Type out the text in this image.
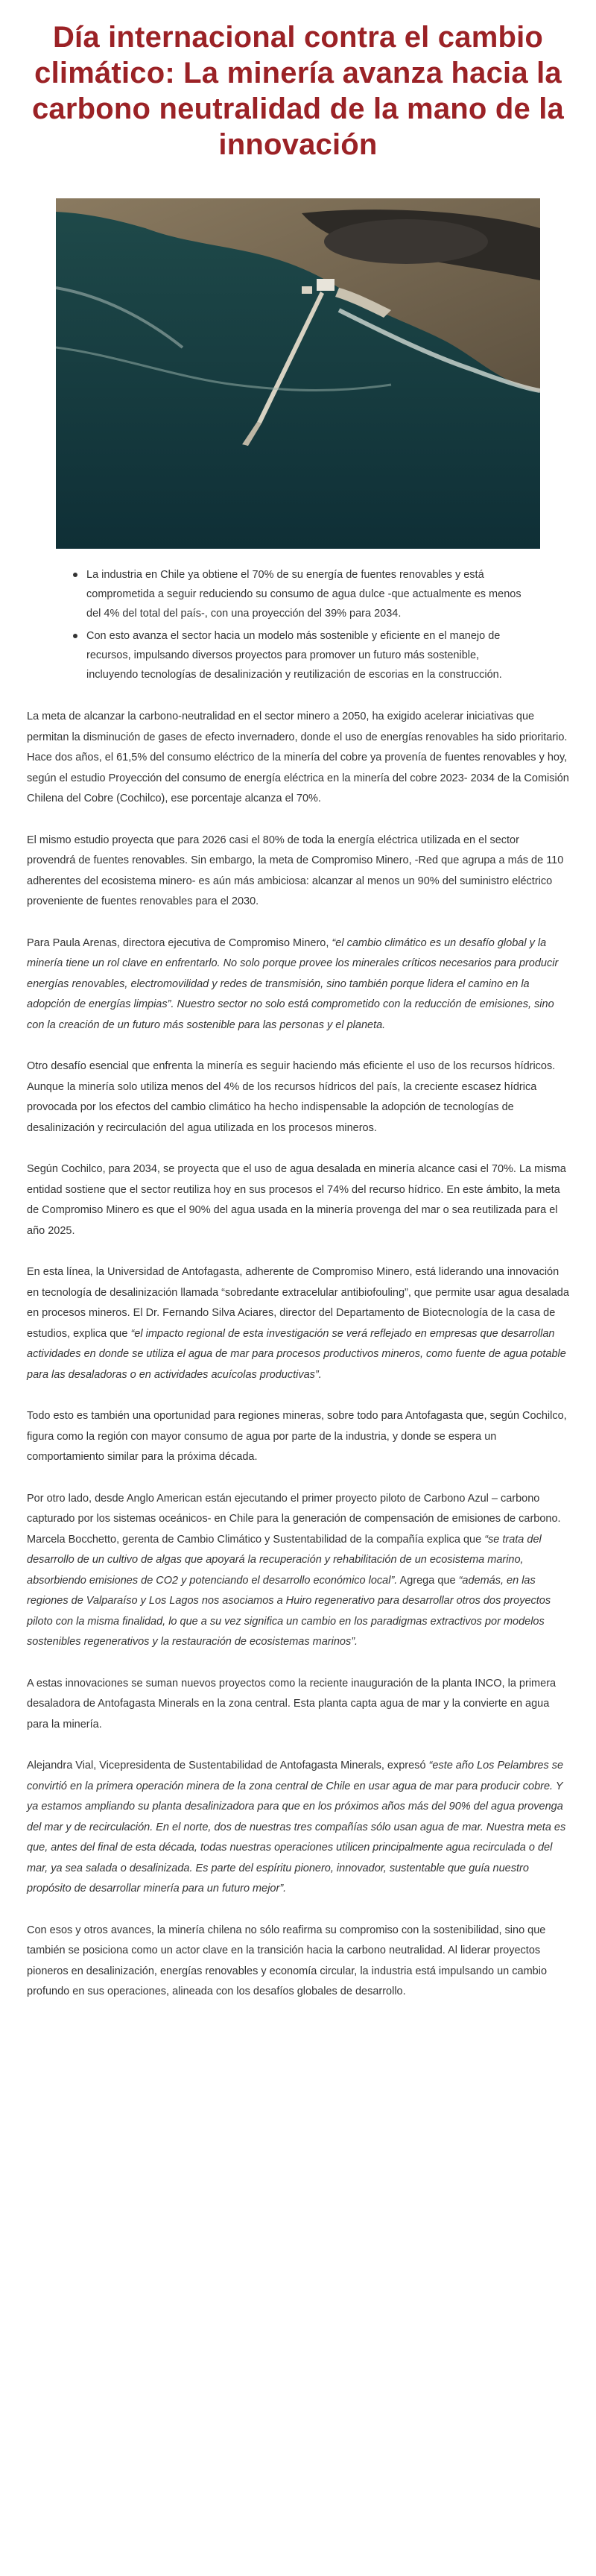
Día internacional contra el cambio climático: La minería avanza hacia la carbono neutralidad de la mano de la innovación
La industria en Chile ya obtiene el 70% de su energía de fuentes renovables y está comprometida a seguir reduciendo su consumo de agua dulce -que actualmente es menos del 4% del total del país-, con una proyección del 39% para 2034.
Con esto avanza el sector hacia un modelo más sostenible y eficiente en el manejo de recursos, impulsando diversos proyectos para promover un futuro más sostenible, incluyendo tecnologías de desalinización y reutilización de escorias en la construcción.

La meta de alcanzar la carbono-neutralidad en el sector minero a 2050, ha exigido acelerar iniciativas que permitan la disminución de gases de efecto invernadero, donde el uso de energías renovables ha sido prioritario. Hace dos años, el 61,5% del consumo eléctrico de la minería del cobre ya provenía de fuentes renovables y hoy, según el estudio Proyección del consumo de energía eléctrica en la minería del cobre 2023- 2034 de la Comisión Chilena del Cobre (Cochilco), ese porcentaje alcanza el 70%.

El mismo estudio proyecta que para 2026 casi el 80% de toda la energía eléctrica utilizada en el sector provendrá de fuentes renovables. Sin embargo, la meta de Compromiso Minero, -Red que agrupa a más de 110 adherentes del ecosistema minero- es aún más ambiciosa: alcanzar al menos un 90% del suministro eléctrico proveniente de fuentes renovables para el 2030.

Para Paula Arenas, directora ejecutiva de Compromiso Minero, “el cambio climático es un desafío global y la minería tiene un rol clave en enfrentarlo. No solo porque provee los minerales críticos necesarios para producir energías renovables, electromovilidad y redes de transmisión, sino también porque lidera el camino en la adopción de energías limpias”. Nuestro sector no solo está comprometido con la reducción de emisiones, sino con la creación de un futuro más sostenible para las personas y el planeta.

Otro desafío esencial que enfrenta la minería es seguir haciendo más eficiente el uso de los recursos hídricos. Aunque la minería solo utiliza menos del 4% de los recursos hídricos del país, la creciente escasez hídrica provocada por los efectos del cambio climático ha hecho indispensable la adopción de tecnologías de desalinización y recirculación del agua utilizada en los procesos mineros.

Según Cochilco, para 2034, se proyecta que el uso de agua desalada en minería alcance casi el 70%. La misma entidad sostiene que el sector reutiliza hoy en sus procesos el 74% del recurso hídrico. En este ámbito, la meta de Compromiso Minero es que el 90% del agua usada en la minería provenga del mar o sea reutilizada para el año 2025.

En esta línea, la Universidad de Antofagasta, adherente de Compromiso Minero, está liderando una innovación en tecnología de desalinización llamada “sobredante extracelular antibiofouling”, que permite usar agua desalada en procesos mineros. El Dr. Fernando Silva Aciares, director del Departamento de Biotecnología de la casa de estudios, explica que “el impacto regional de esta investigación se verá reflejado en empresas que desarrollan actividades en donde se utiliza el agua de mar para procesos productivos mineros, como fuente de agua potable para las desaladoras o en actividades acuícolas productivas”.

Todo esto es también una oportunidad para regiones mineras, sobre todo para Antofagasta que, según Cochilco, figura como la región con mayor consumo de agua por parte de la industria, y donde se espera un comportamiento similar para la próxima década.

Por otro lado, desde Anglo American están ejecutando el primer proyecto piloto de Carbono Azul – carbono capturado por los sistemas oceánicos- en Chile para la generación de compensación de emisiones de carbono. Marcela Bocchetto, gerenta de Cambio Climático y Sustentabilidad de la compañía explica que “se trata del desarrollo de un cultivo de algas que apoyará la recuperación y rehabilitación de un ecosistema marino, absorbiendo emisiones de CO2 y potenciando el desarrollo económico local”. Agrega que “además, en las regiones de Valparaíso y Los Lagos nos asociamos a Huiro regenerativo para desarrollar otros dos proyectos piloto con la misma finalidad, lo que a su vez significa un cambio en los paradigmas extractivos por modelos sostenibles regenerativos y la restauración de ecosistemas marinos”.

A estas innovaciones se suman nuevos proyectos como la reciente inauguración de la planta INCO, la primera desaladora de Antofagasta Minerals en la zona central. Esta planta capta agua de mar y la convierte en agua para la minería.

Alejandra Vial, Vicepresidenta de Sustentabilidad de Antofagasta Minerals, expresó “este año Los Pelambres se convirtió en la primera operación minera de la zona central de Chile en usar agua de mar para producir cobre. Y ya estamos ampliando su planta desalinizadora para que en los próximos años más del 90% del agua provenga del mar y de recirculación. En el norte, dos de nuestras tres compañías sólo usan agua de mar. Nuestra meta es que, antes del final de esta década, todas nuestras operaciones utilicen principalmente agua recirculada o del mar, ya sea salada o desalinizada. Es parte del espíritu pionero, innovador, sustentable que guía nuestro propósito de desarrollar minería para un futuro mejor”.

Con esos y otros avances, la minería chilena no sólo reafirma su compromiso con la sostenibilidad, sino que también se posiciona como un actor clave en la transición hacia la carbono neutralidad. Al liderar proyectos pioneros en desalinización, energías renovables y economía circular, la industria está impulsando un cambio profundo en sus operaciones, alineada con los desafíos globales de desarrollo.
